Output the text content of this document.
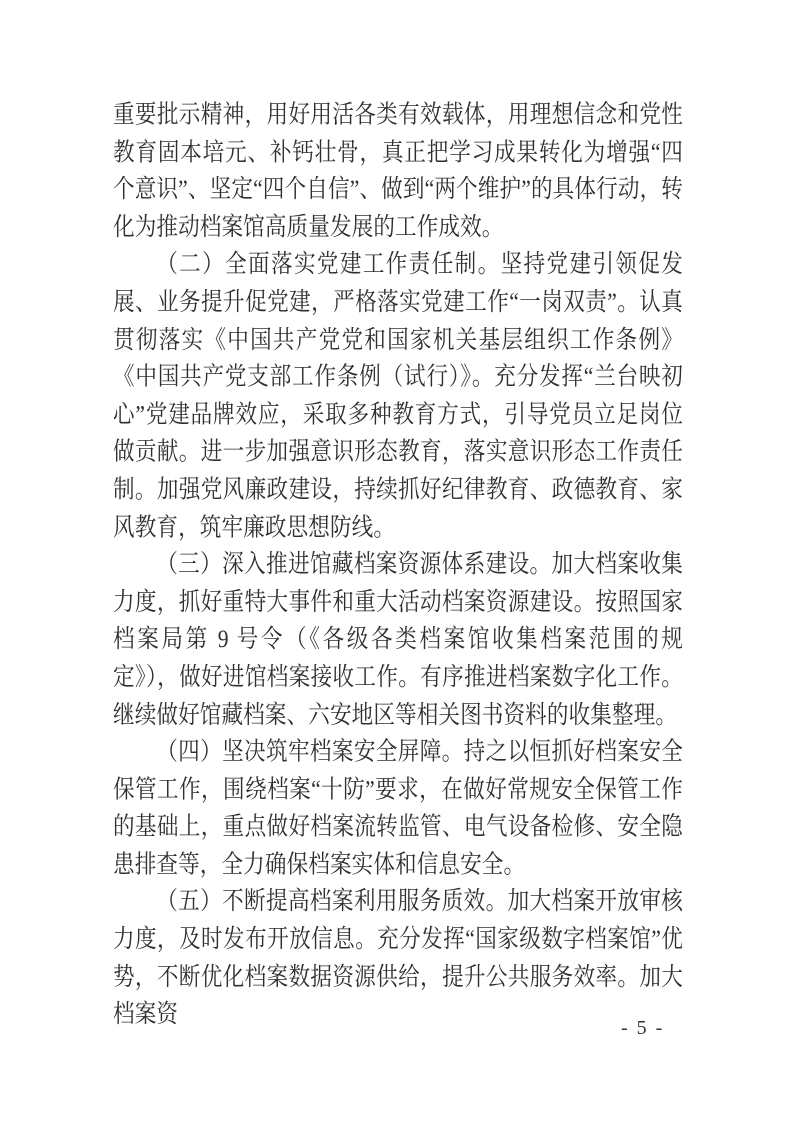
重要批示精神，用好用活各类有效载体，用理想信念和党性教育固本培元、补钙壮骨，真正把学习成果转化为增强“四个意识”、坚定“四个自信”、做到“两个维护”的具体行动，转化为推动档案馆高质量发展的工作成效。

（二）全面落实党建工作责任制。坚持党建引领促发展、业务提升促党建，严格落实党建工作“一岗双责”。认真贯彻落实《中国共产党党和国家机关基层组织工作条例》《中国共产党支部工作条例（试行）》。充分发挥“兰台映初心”党建品牌效应，采取多种教育方式，引导党员立足岗位做贡献。进一步加强意识形态教育，落实意识形态工作责任制。加强党风廉政建设，持续抓好纪律教育、政德教育、家风教育，筑牢廉政思想防线。

（三）深入推进馆藏档案资源体系建设。加大档案收集力度，抓好重特大事件和重大活动档案资源建设。按照国家档案局第 9 号令（《各级各类档案馆收集档案范围的规定》），做好进馆档案接收工作。有序推进档案数字化工作。继续做好馆藏档案、六安地区等相关图书资料的收集整理。

（四）坚决筑牢档案安全屏障。持之以恒抓好档案安全保管工作，围绕档案“十防”要求，在做好常规安全保管工作的基础上，重点做好档案流转监管、电气设备检修、安全隐患排查等，全力确保档案实体和信息安全。

（五）不断提高档案利用服务质效。加大档案开放审核力度，及时发布开放信息。充分发挥“国家级数字档案馆”优势，不断优化档案数据资源供给，提升公共服务效率。加大档案资

- 5 -
